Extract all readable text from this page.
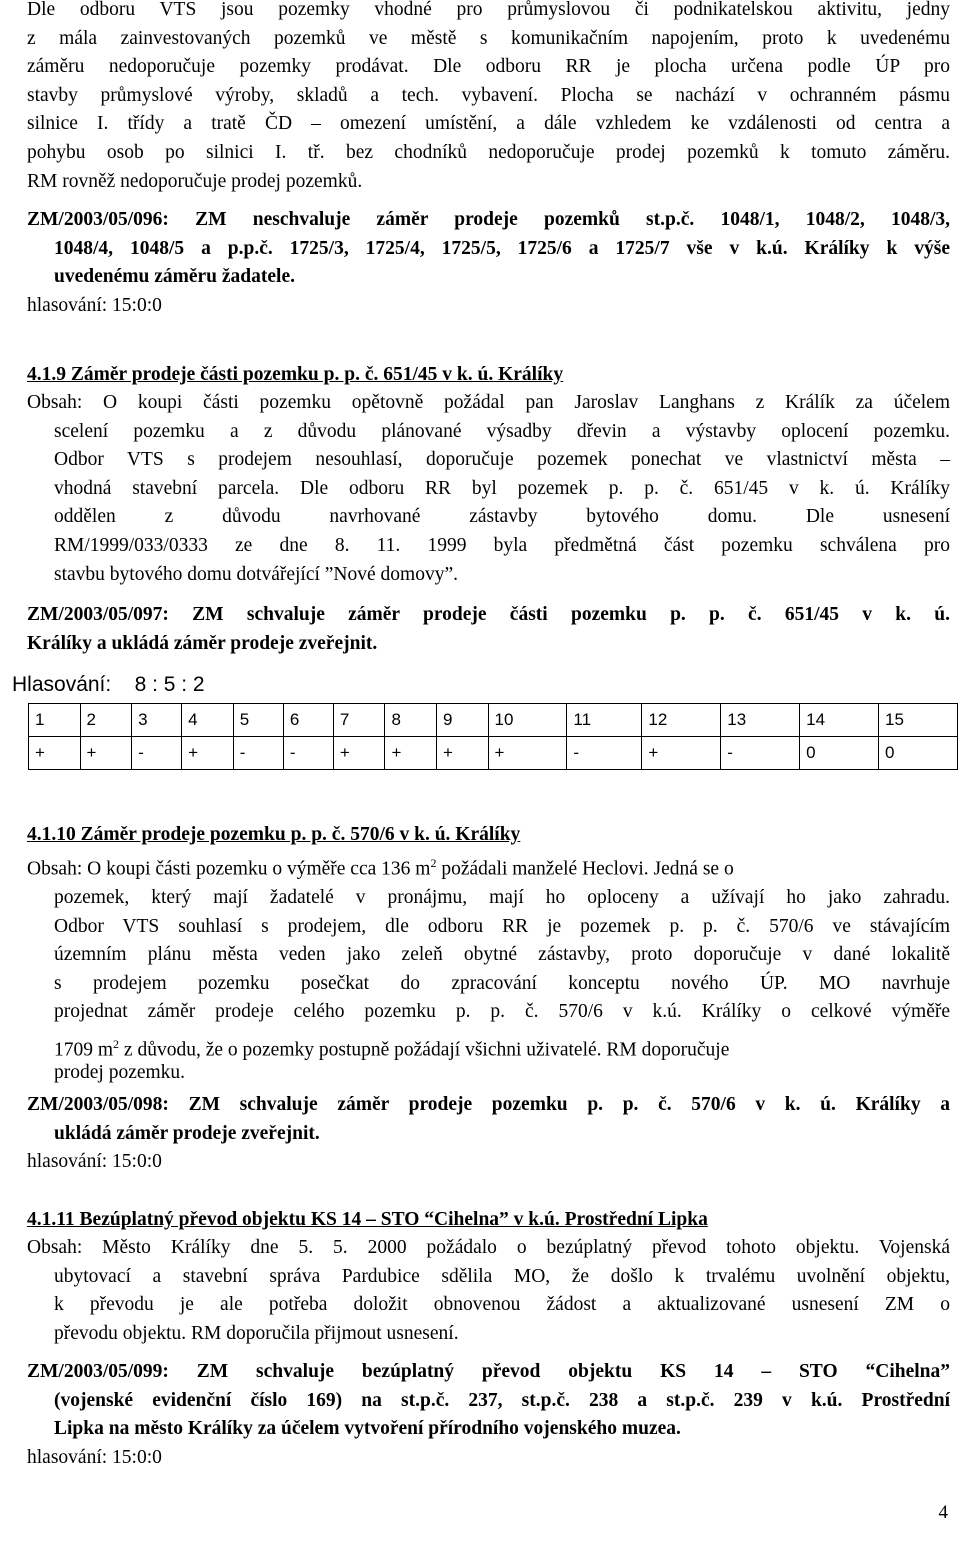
Dle odboru VTS jsou pozemky vhodné pro průmyslovou či podnikatelskou aktivitu, jedny
z mála zainvestovaných pozemků ve městě s komunikačním napojením, proto k uvedenému
záměru nedoporučuje pozemky prodávat. Dle odboru RR je plocha určena podle ÚP pro
stavby průmyslové výroby, skladů a tech. vybavení. Plocha se nachází v ochranném pásmu
silnice I. třídy a tratě ČD – omezení umístění, a dále vzhledem ke vzdálenosti od centra a
pohybu osob po silnici I. tř. bez chodníků nedoporučuje prodej pozemků k tomuto záměru.
RM rovněž nedoporučuje prodej pozemků.
ZM/2003/05/096: ZM neschvaluje záměr prodeje pozemků st.p.č. 1048/1, 1048/2, 1048/3,
1048/4, 1048/5 a p.p.č. 1725/3, 1725/4, 1725/5, 1725/6 a 1725/7 vše v k.ú. Králíky k výše
uvedenému záměru žadatele.
hlasování: 15:0:0
4.1.9 Záměr prodeje části pozemku p. p. č. 651/45 v k. ú. Králíky
Obsah: O koupi části pozemku opětovně požádal pan Jaroslav Langhans z Králík za účelem
scelení pozemku a z důvodu plánované výsadby dřevin a výstavby oplocení pozemku.
Odbor VTS s prodejem nesouhlasí, doporučuje pozemek ponechat ve vlastnictví města –
vhodná stavební parcela. Dle odboru RR byl pozemek p. p. č. 651/45 v k. ú. Králíky
oddělen z důvodu navrhované zástavby bytového domu. Dle usnesení
RM/1999/033/0333 ze dne 8. 11. 1999 byla předmětná část pozemku schválena pro
stavbu bytového domu dotvářející ”Nové domovy”.
ZM/2003/05/097: ZM schvaluje záměr prodeje části pozemku p. p. č. 651/45 v k. ú.
Králíky a ukládá záměr prodeje zveřejnit.
Hlasování: 8 : 5 : 2
1	2	3	4	5	6	7	8	9	10	11	12	13	14	15
+	+	-	+	-	-	+	+	+	+	-	+	-	0	0
4.1.10 Záměr prodeje pozemku p. p. č. 570/6 v k. ú. Králíky
Obsah: O koupi části pozemku o výměře cca 136 $m^2$ požádali manželé Heclovi. Jedná se o
pozemek, který mají žadatelé v pronájmu, mají ho oploceny a užívají ho jako zahradu.
Odbor VTS souhlasí s prodejem, dle odboru RR je pozemek p. p. č. 570/6 ve stávajícím
územním plánu města veden jako zeleň obytné zástavby, proto doporučuje v dané lokalitě
s prodejem pozemku posečkat do zpracování konceptu nového ÚP. MO navrhuje
projednat záměr prodeje celého pozemku p. p. č. 570/6 v k.ú. Králíky o celkové výměře
1709 $m^2$ z důvodu, že o pozemky postupně požádají všichni uživatelé. RM doporučuje
prodej pozemku.
ZM/2003/05/098: ZM schvaluje záměr prodeje pozemku p. p. č. 570/6 v k. ú. Králíky a
ukládá záměr prodeje zveřejnit.
hlasování: 15:0:0
4.1.11 Bezúplatný převod objektu KS 14 – STO “Cihelna” v k.ú. Prostřední Lipka
Obsah: Město Králíky dne 5. 5. 2000 požádalo o bezúplatný převod tohoto objektu. Vojenská
ubytovací a stavební správa Pardubice sdělila MO, že došlo k trvalému uvolnění objektu,
k převodu je ale potřeba doložit obnovenou žádost a aktualizované usnesení ZM o
převodu objektu. RM doporučila přijmout usnesení.
ZM/2003/05/099: ZM schvaluje bezúplatný převod objektu KS 14 – STO “Cihelna”
(vojenské evidenční číslo 169) na st.p.č. 237, st.p.č. 238 a st.p.č. 239 v k.ú. Prostřední
Lipka na město Králíky za účelem vytvoření přírodního vojenského muzea.
hlasování: 15:0:0
4
